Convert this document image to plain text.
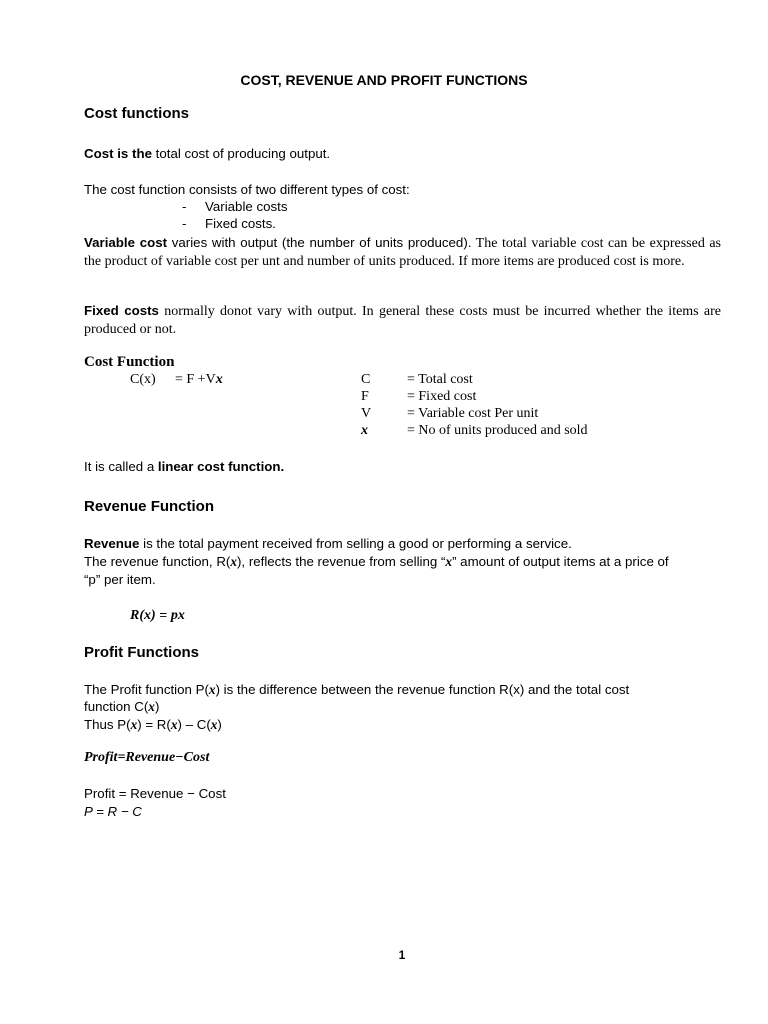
COST, REVENUE AND PROFIT FUNCTIONS
Cost functions
Cost is the total cost of producing output.
The cost function consists of two different types of cost:
- Variable costs
- Fixed costs.
Variable cost varies with output (the number of units produced). The total variable cost can be expressed as the product of variable cost per unt and number of units produced. If more items are produced cost is more.
Fixed costs normally donot vary with output. In general these costs must be incurred whether the items are produced or not.
Cost Function
C(x) = F +Vx	C	= Total cost
F	= Fixed cost
V	= Variable cost Per unit
x	= No of units produced and sold
It is called a linear cost function.
Revenue Function
Revenue is the total payment received from selling a good or performing a service.
The revenue function, R(x), reflects the revenue from selling “x” amount of output items at a price of
“p” per item.
R(x) = px
Profit Functions
The Profit function P(x) is the difference between the revenue function R(x) and the total cost
function C(x)
Thus P(x) = R(x) – C(x)
Profit=Revenue−Cost
Profit = Revenue − Cost
P = R − C
1
